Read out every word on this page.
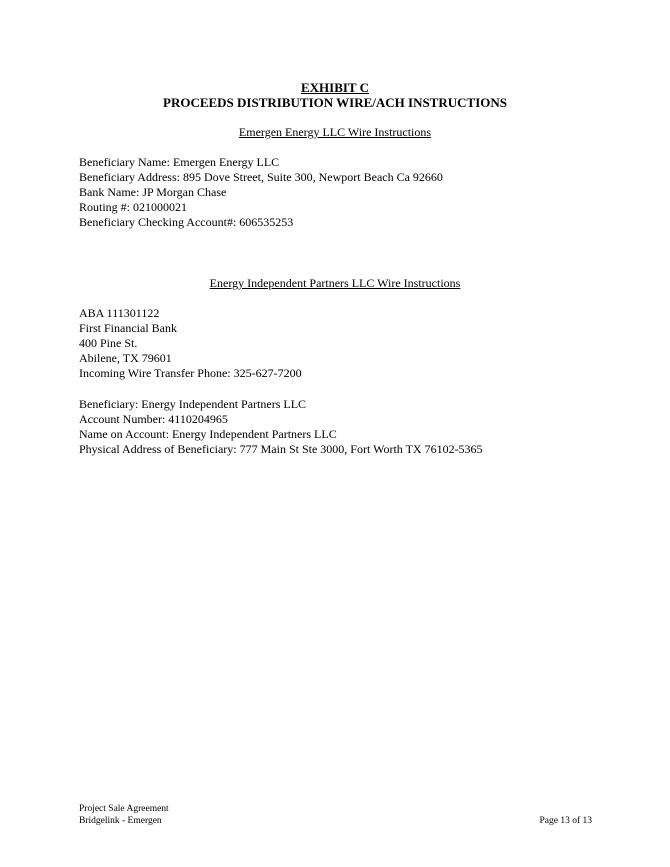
EXHIBIT C
PROCEEDS DISTRIBUTION WIRE/ACH INSTRUCTIONS
Emergen Energy LLC Wire Instructions
Beneficiary Name: Emergen Energy LLC
Beneficiary Address: 895 Dove Street, Suite 300, Newport Beach Ca 92660
Bank Name: JP Morgan Chase
Routing #: 021000021
Beneficiary Checking Account#: 606535253
Energy Independent Partners LLC Wire Instructions
ABA 111301122
First Financial Bank
400 Pine St.
Abilene, TX 79601
Incoming Wire Transfer Phone: 325-627-7200
Beneficiary: Energy Independent Partners LLC
Account Number: 4110204965
Name on Account: Energy Independent Partners LLC
Physical Address of Beneficiary: 777 Main St Ste 3000, Fort Worth TX 76102-5365
Project Sale Agreement
Bridgelink - Emergen	Page 13 of 13
